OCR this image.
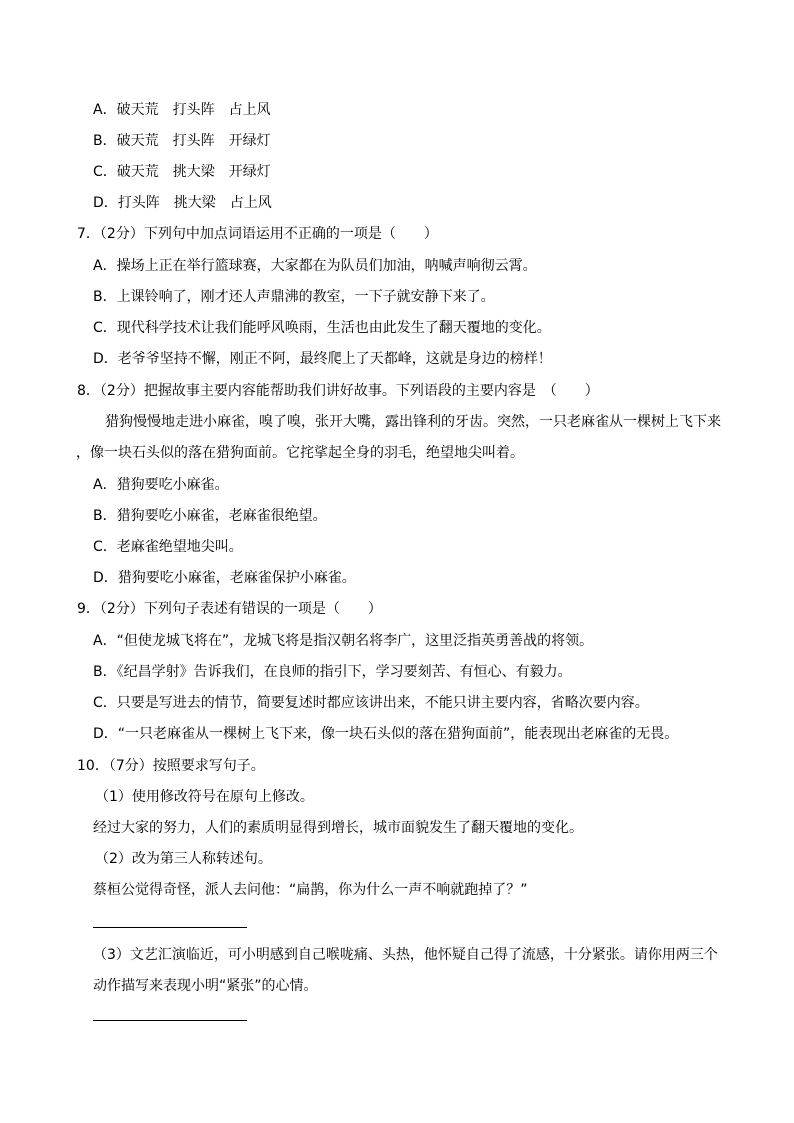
A．破天荒　打头阵　占上风
B．破天荒　打头阵　开绿灯
C．破天荒　挑大梁　开绿灯
D．打头阵　挑大梁　占上风
7．（2分）下列句中加点词语运用不正确的一项是（　　）
A．操场上正在举行篮球赛，大家都在为队员们加油，呐喊声响彻云霄。
B．上课铃响了，刚才还人声鼎沸的教室，一下子就安静下来了。
C．现代科学技术让我们能呼风唤雨，生活也由此发生了翻天覆地的变化。
D．老爷爷坚持不懈，刚正不阿，最终爬上了天都峰，这就是身边的榜样！
8．（2分）把握故事主要内容能帮助我们讲好故事。下列语段的主要内容是　（　　）
猎狗慢慢地走进小麻雀，嗅了嗅，张开大嘴，露出锋利的牙齿。突然，一只老麻雀从一棵树上飞下来
，像一块石头似的落在猎狗面前。它挓挲起全身的羽毛，绝望地尖叫着。
A．猎狗要吃小麻雀。
B．猎狗要吃小麻雀，老麻雀很绝望。
C．老麻雀绝望地尖叫。
D．猎狗要吃小麻雀，老麻雀保护小麻雀。
9．（2分）下列句子表述有错误的一项是（　　）
A．“但使龙城飞将在”，龙城飞将是指汉朝名将李广，这里泛指英勇善战的将领。
B．《纪昌学射》告诉我们，在良师的指引下，学习要刻苦、有恒心、有毅力。
C．只要是写进去的情节，简要复述时都应该讲出来，不能只讲主要内容，省略次要内容。
D．“一只老麻雀从一棵树上飞下来，像一块石头似的落在猎狗面前”，能表现出老麻雀的无畏。
10．（7分）按照要求写句子。
（1）使用修改符号在原句上修改。
经过大家的努力，人们的素质明显得到增长，城市面貌发生了翻天覆地的变化。
（2）改为第三人称转述句。
蔡桓公觉得奇怪，派人去问他：“扁鹊，你为什么一声不响就跑掉了？”
（3）文艺汇演临近，可小明感到自己喉咙痛、头热，他怀疑自己得了流感，十分紧张。请你用两三个
动作描写来表现小明“紧张”的心情。
